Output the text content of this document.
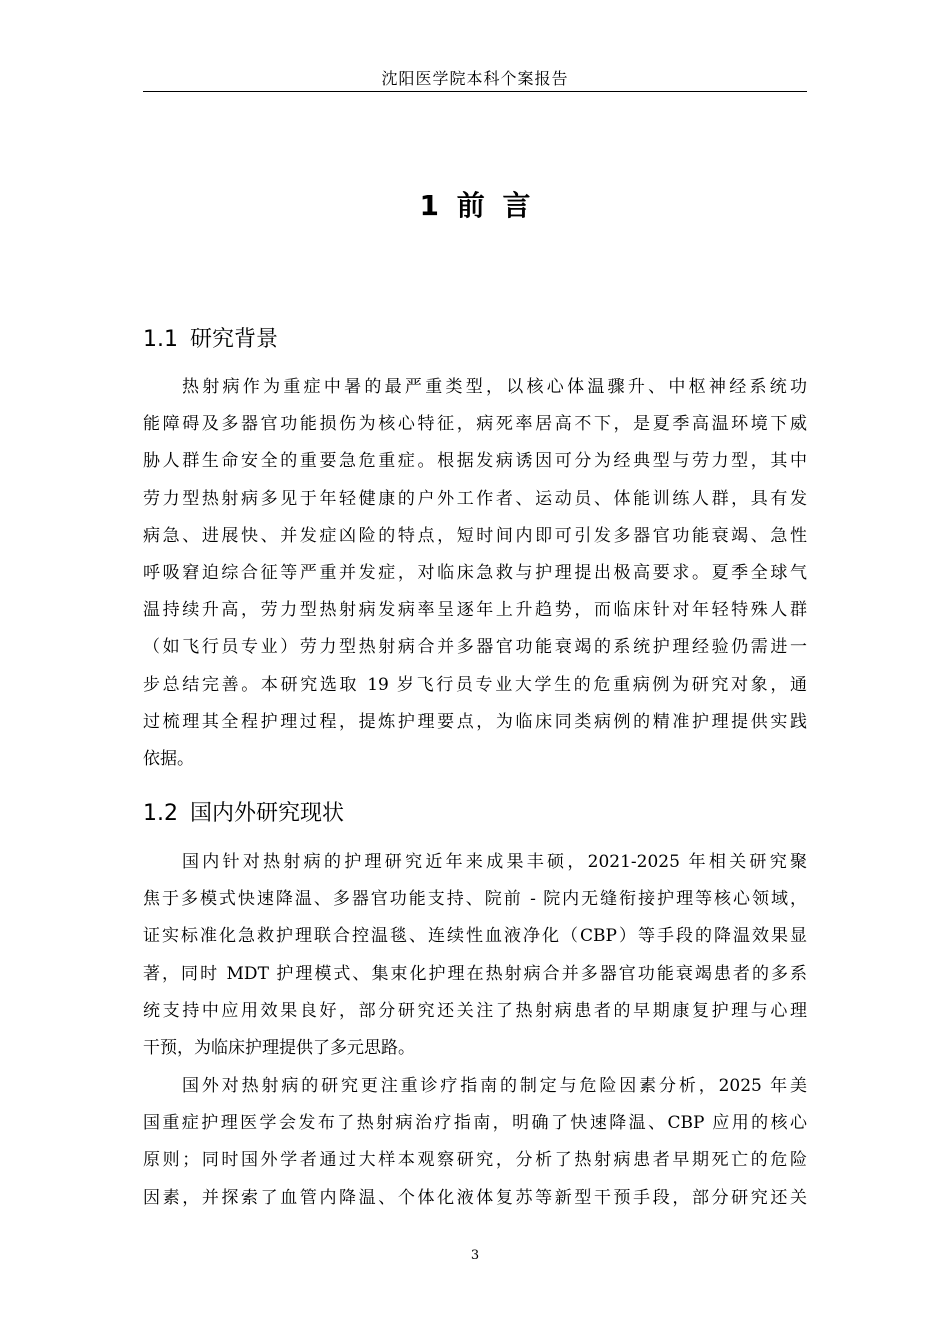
沈阳医学院本科个案报告
1 前 言
1.1 研究背景
热射病作为重症中暑的最严重类型，以核心体温骤升、中枢神经系统功
能障碍及多器官功能损伤为核心特征，病死率居高不下，是夏季高温环境下威
胁人群生命安全的重要急危重症。根据发病诱因可分为经典型与劳力型，其中
劳力型热射病多见于年轻健康的户外工作者、运动员、体能训练人群，具有发
病急、进展快、并发症凶险的特点，短时间内即可引发多器官功能衰竭、急性
呼吸窘迫综合征等严重并发症，对临床急救与护理提出极高要求。夏季全球气
温持续升高，劳力型热射病发病率呈逐年上升趋势，而临床针对年轻特殊人群
（如飞行员专业）劳力型热射病合并多器官功能衰竭的系统护理经验仍需进一
步总结完善。本研究选取 19 岁飞行员专业大学生的危重病例为研究对象，通
过梳理其全程护理过程，提炼护理要点，为临床同类病例的精准护理提供实践
依据。
1.2 国内外研究现状
国内针对热射病的护理研究近年来成果丰硕，2021-2025 年相关研究聚
焦于多模式快速降温、多器官功能支持、院前 - 院内无缝衔接护理等核心领域，
证实标准化急救护理联合控温毯、连续性血液净化（CBP）等手段的降温效果显
著，同时 MDT 护理模式、集束化护理在热射病合并多器官功能衰竭患者的多系
统支持中应用效果良好，部分研究还关注了热射病患者的早期康复护理与心理
干预，为临床护理提供了多元思路。
国外对热射病的研究更注重诊疗指南的制定与危险因素分析，2025 年美
国重症护理医学会发布了热射病治疗指南，明确了快速降温、CBP 应用的核心
原则；同时国外学者通过大样本观察研究，分析了热射病患者早期死亡的危险
因素，并探索了血管内降温、个体化液体复苏等新型干预手段，部分研究还关
3
